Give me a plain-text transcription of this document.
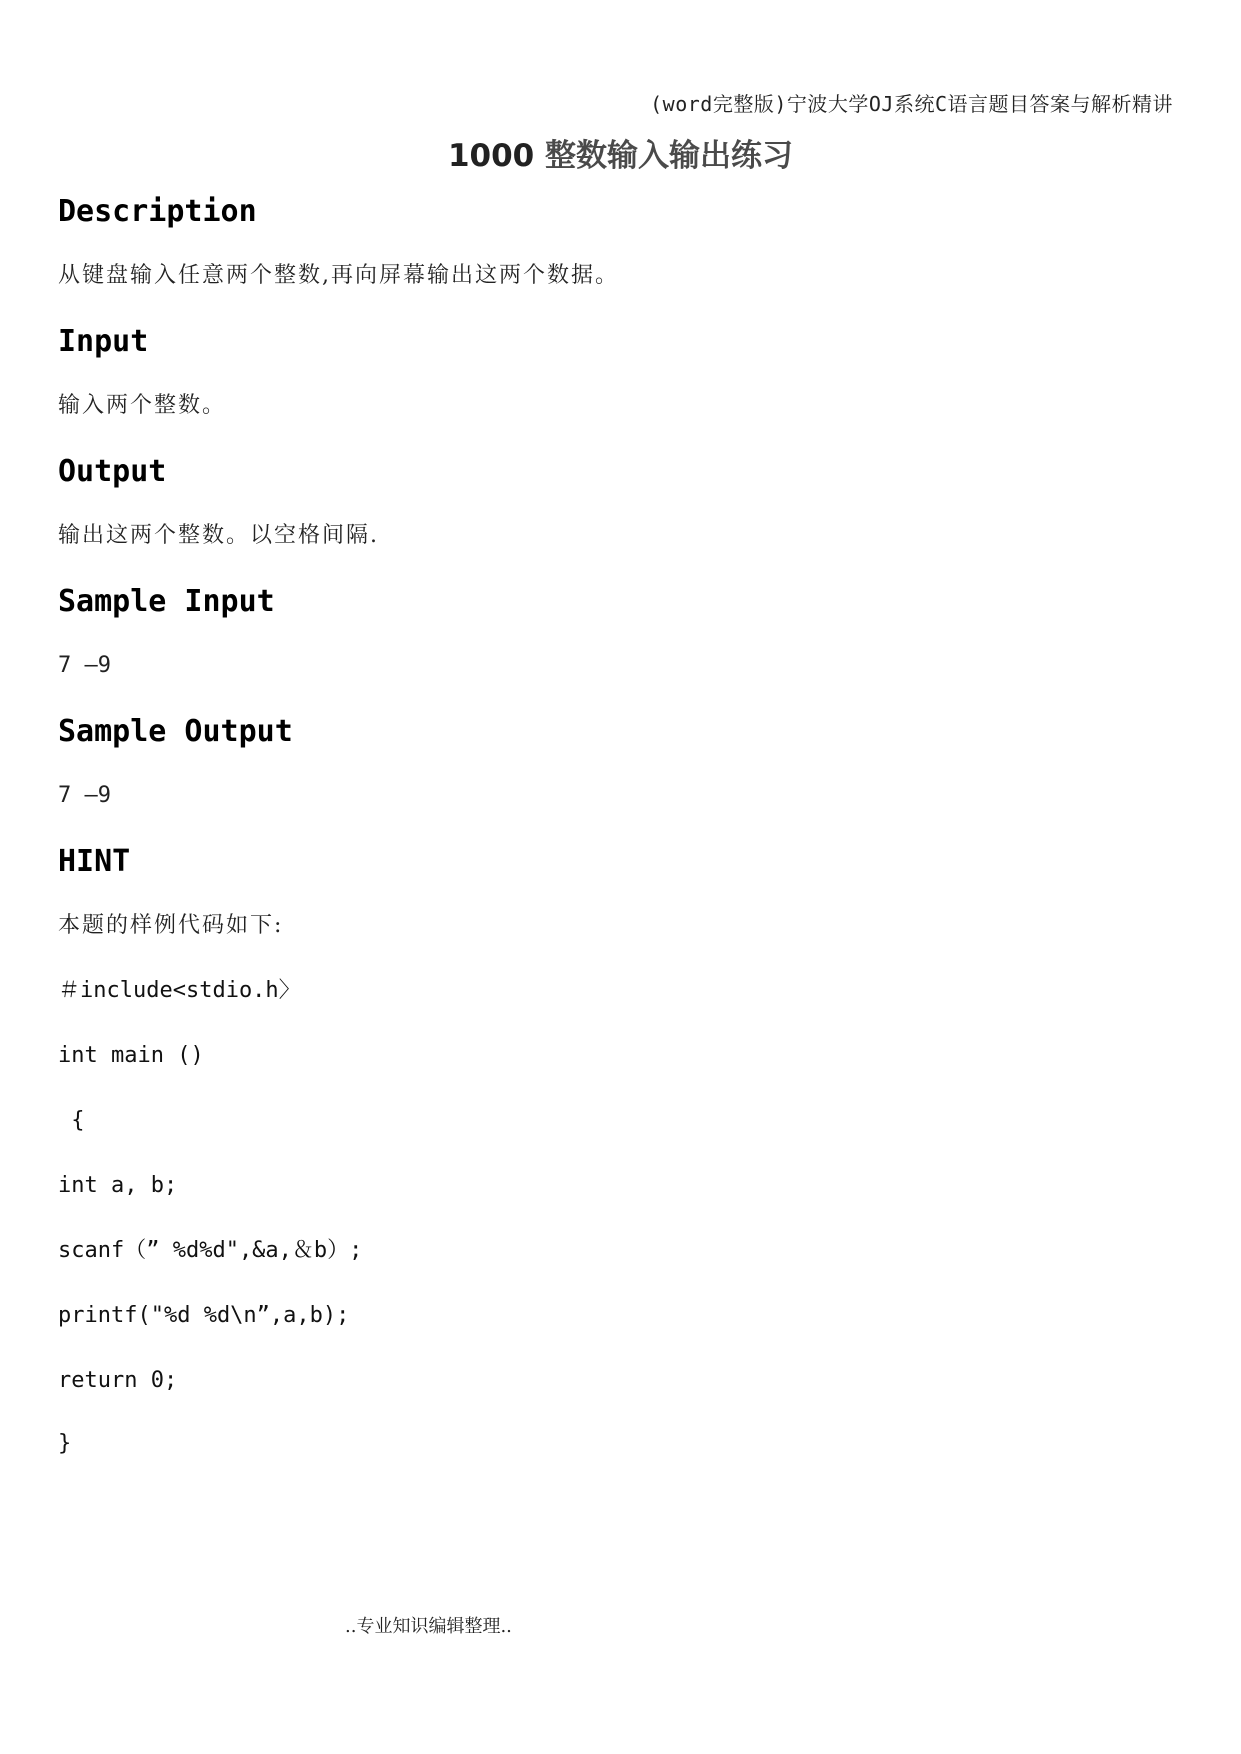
(word完整版)宁波大学OJ系统C语言题目答案与解析精讲
1000 整数输入输出练习
Description

从键盘输入任意两个整数,再向屏幕输出这两个数据。

Input

输入两个整数。

Output

输出这两个整数。以空格间隔.

Sample Input

7 —9

Sample Output

7 —9

HINT

本题的样例代码如下:

＃include<stdio.h〉
int main ()
{
int a, b;
scanf（” %d%d",&a,＆b）;
printf("%d %d\n”,a,b);
return 0;
}
..专业知识编辑整理..
